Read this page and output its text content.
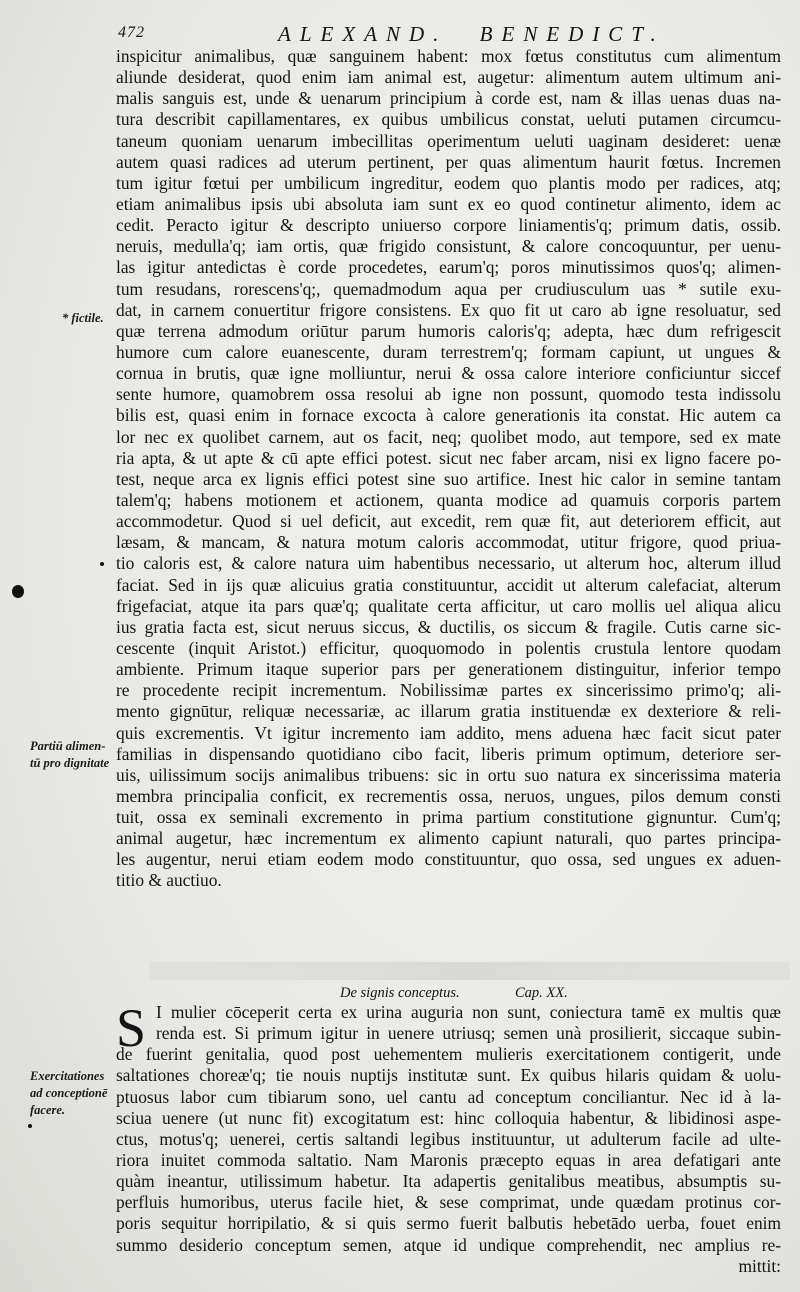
472	ALEXAND. BENEDICT.
inspicitur animalibus, quæ sanguinem habent: mox fœtus constitutus cum alimentum
aliunde desiderat, quod enim iam animal est, augetur: alimentum autem ultimum ani-
malis sanguis est, unde & uenarum principium à corde est, nam & illas uenas duas na-
tura describit capillamentares, ex quibus umbilicus constat, ueluti putamen circumcu-
taneum quoniam uenarum imbecillitas operimentum ueluti uaginam desideret: uenæ
autem quasi radices ad uterum pertinent, per quas alimentum haurit fœtus. Incremen
tum igitur fœtui per umbilicum ingreditur, eodem quo plantis modo per radices, atq;
etiam animalibus ipsis ubi absoluta iam sunt ex eo quod continetur alimento, idem ac
cedit. Peracto igitur & descripto uniuerso corpore liniamentis'q; primum datis, ossib.
neruis, medulla'q; iam ortis, quæ frigido consistunt, & calore concoquuntur, per uenu-
las igitur antedictas è corde procedetes, earum'q; poros minutissimos quos'q; alimen-
tum resudans, rorescens'q;, quemadmodum aqua per crudiusculum uas * sutile exu-
dat, in carnem conuertitur frigore consistens. Ex quo fit ut caro ab igne resoluatur, sed
quæ terrena admodum oriūtur parum humoris caloris'q; adepta, hæc dum refrigescit
humore cum calore euanescente, duram terrestrem'q; formam capiunt, ut ungues &
cornua in brutis, quæ igne molliuntur, nerui & ossa calore interiore conficiuntur siccef
sente humore, quamobrem ossa resolui ab igne non possunt, quomodo testa indissolu
bilis est, quasi enim in fornace excocta à calore generationis ita constat. Hic autem ca
lor nec ex quolibet carnem, aut os facit, neq; quolibet modo, aut tempore, sed ex mate
ria apta, & ut apte & cū apte effici potest. sicut nec faber arcam, nisi ex ligno facere po-
test, neque arca ex lignis effici potest sine suo artifice. Inest hic calor in semine tantam
talem'q; habens motionem et actionem, quanta modice ad quamuis corporis partem
accommodetur. Quod si uel deficit, aut excedit, rem quæ fit, aut deteriorem efficit, aut
læsam, & mancam, & natura motum caloris accommodat, utitur frigore, quod priua-
tio caloris est, & calore natura uim habentibus necessario, ut alterum hoc, alterum illud
faciat. Sed in ijs quæ alicuius gratia constituuntur, accidit ut alterum calefaciat, alterum
frigefaciat, atque ita pars quæ'q; qualitate certa afficitur, ut caro mollis uel aliqua alicu
ius gratia facta est, sicut neruus siccus, & ductilis, os siccum & fragile. Cutis carne sic-
cescente (inquit Aristot.) efficitur, quoquomodo in polentis crustula lentore quodam
ambiente. Primum itaque superior pars per generationem distinguitur, inferior tempo
re procedente recipit incrementum. Nobilissimæ partes ex sincerissimo primo'q; ali-
mento gignūtur, reliquæ necessariæ, ac illarum gratia instituendæ ex dexteriore & reli-
quis excrementis. Vt igitur incremento iam addito, mens aduena hæc facit sicut pater
familias in dispensando quotidiano cibo facit, liberis primum optimum, deteriore ser-
uis, uilissimum socijs animalibus tribuens: sic in ortu suo natura ex sincerissima materia
membra principalia conficit, ex recrementis ossa, neruos, ungues, pilos demum consti
tuit, ossa ex seminali excremento in prima partium constitutione gignuntur. Cum'q;
animal augetur, hæc incrementum ex alimento capiunt naturali, quo partes principa-
les augentur, nerui etiam eodem modo constituuntur, quo ossa, sed ungues ex aduen-
titio & auctiuo.
* fictile.
Partiū alimen-
tū pro dignitate
Exercitationes
ad conceptionē
facere.
De signis conceptus.	Cap. XX.
S I mulier cōceperit certa ex urina auguria non sunt, coniectura tamē ex multis quæ
renda est. Si primum igitur in uenere utriusq; semen unà prosilierit, siccaque subin-
de fuerint genitalia, quod post uehementem mulieris exercitationem contigerit, unde
saltationes choreæ'q; tie nouis nuptijs institutæ sunt. Ex quibus hilaris quidam & uolu-
ptuosus labor cum tibiarum sono, uel cantu ad conceptum conciliantur. Nec id à la-
sciua uenere (ut nunc fit) excogitatum est: hinc colloquia habentur, & libidinosi aspe-
ctus, motus'q; uenerei, certis saltandi legibus instituuntur, ut adulterum facile ad ulte-
riora inuitet commoda saltatio. Nam Maronis præcepto equas in area defatigari ante
quàm ineantur, utilissimum habetur. Ita adapertis genitalibus meatibus, absumptis su-
perfluis humoribus, uterus facile hiet, & sese comprimat, unde quædam protinus cor-
poris sequitur horripilatio, & si quis sermo fuerit balbutis hebetādo uerba, fouet enim
summo desiderio conceptum semen, atque id undique comprehendit, nec amplius re-
mittit:
